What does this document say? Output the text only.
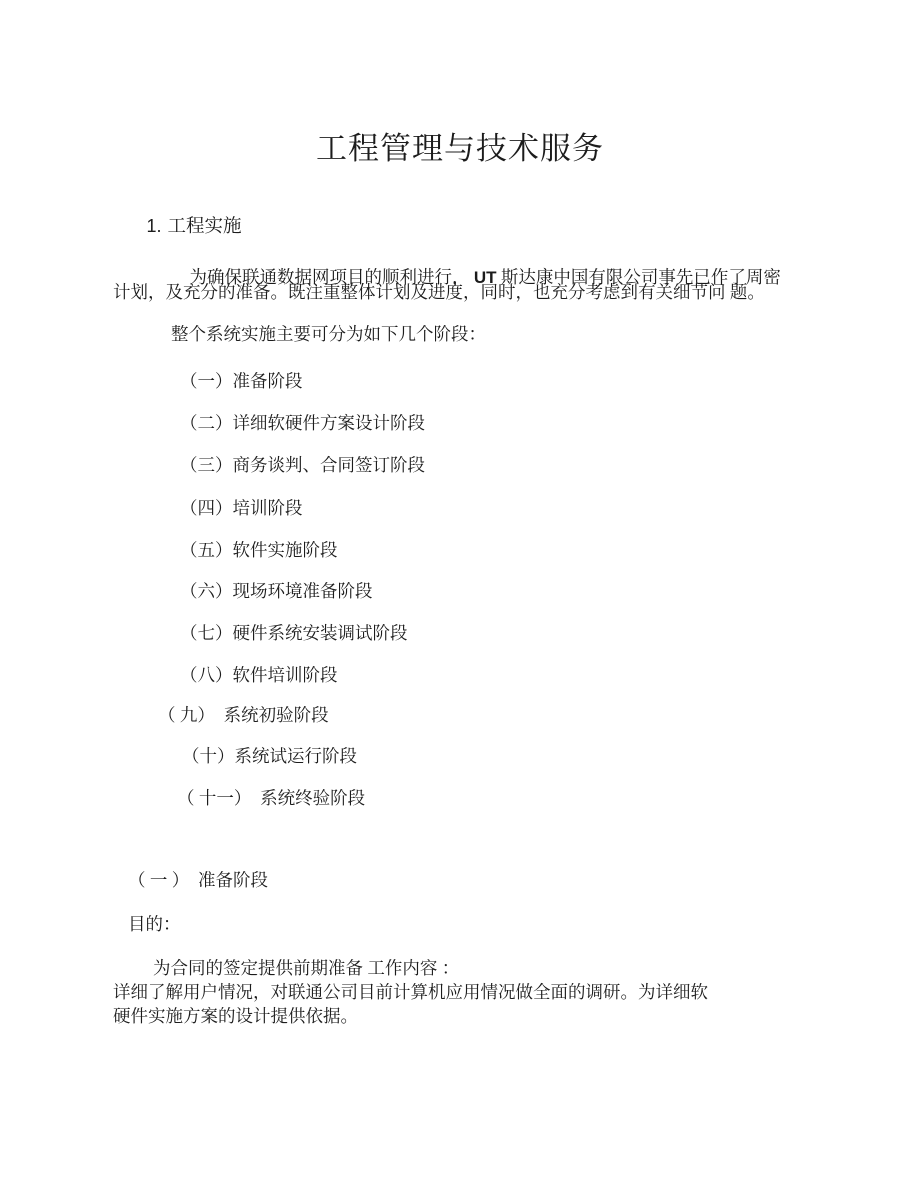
工程管理与技术服务

1. 工程实施

为确保联通数据网项目的顺利进行， UT 斯达康中国有限公司事先已作了周密

计划，及充分的准备。既注重整体计划及进度，同时，也充分考虑到有关细节问 题。
整个系统实施主要可分为如下几个阶段：
（一）准备阶段
（二）详细软硬件方案设计阶段
（三）商务谈判、合同签订阶段
（四）培训阶段
（五）软件实施阶段
（六）现场环境准备阶段
（七）硬件系统安装调试阶段
（八）软件培训阶段
（ 九）　系统初验阶段
（十）系统试运行阶段
（ 十一）　系统终验阶段
（ 一 ）　准备阶段
目的：
为合同的签定提供前期准备 工作内容 ：
详细了解用户情况，对联通公司目前计算机应用情况做全面的调研。为详细软
硬件实施方案的设计提供依据。
